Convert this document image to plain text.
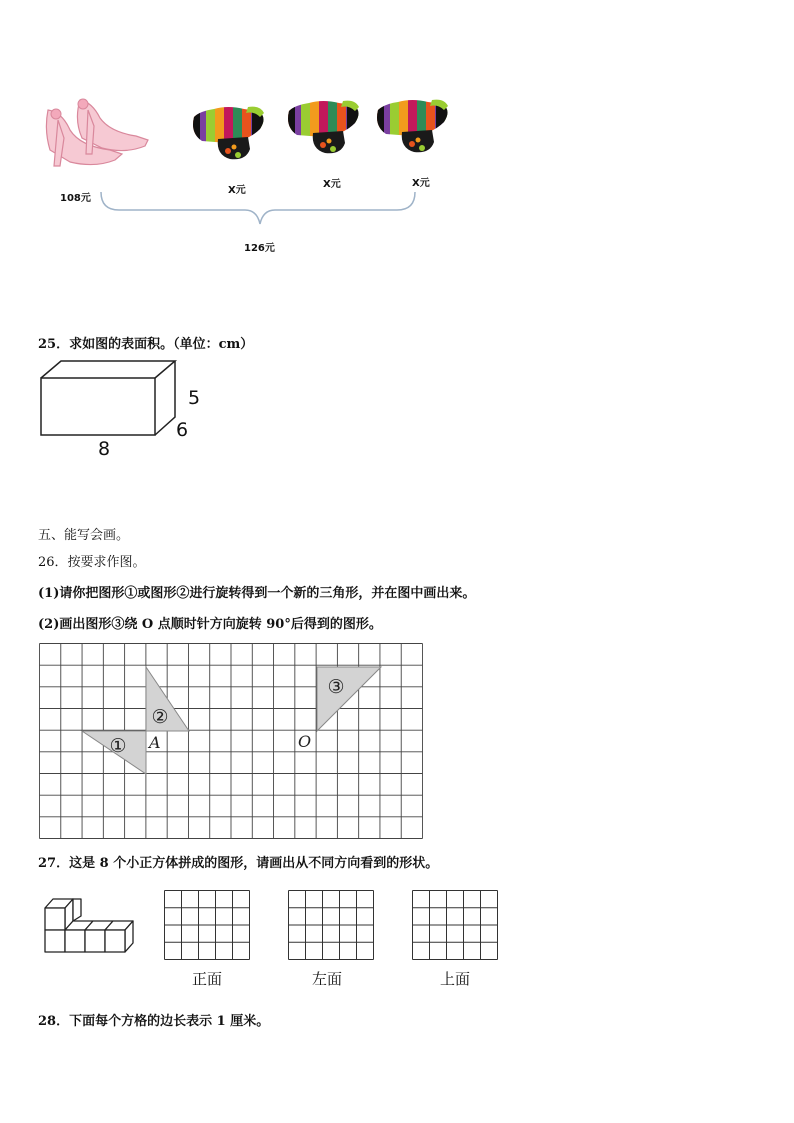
108元
X元
X元	X元
126元
25．求如图的表面积。（单位：cm）
8
5
6
五、能写会画。
26．按要求作图。
(1)请你把图形①或图形②进行旋转得到一个新的三角形，并在图中画出来。
(2)画出图形③绕 O 点顺时针方向旋转 90°后得到的图形。
①
②
③
A	O
27．这是 8 个小正方体拼成的图形，请画出从不同方向看到的形状。
正面	左面	上面
28．下面每个方格的边长表示 1 厘米。
